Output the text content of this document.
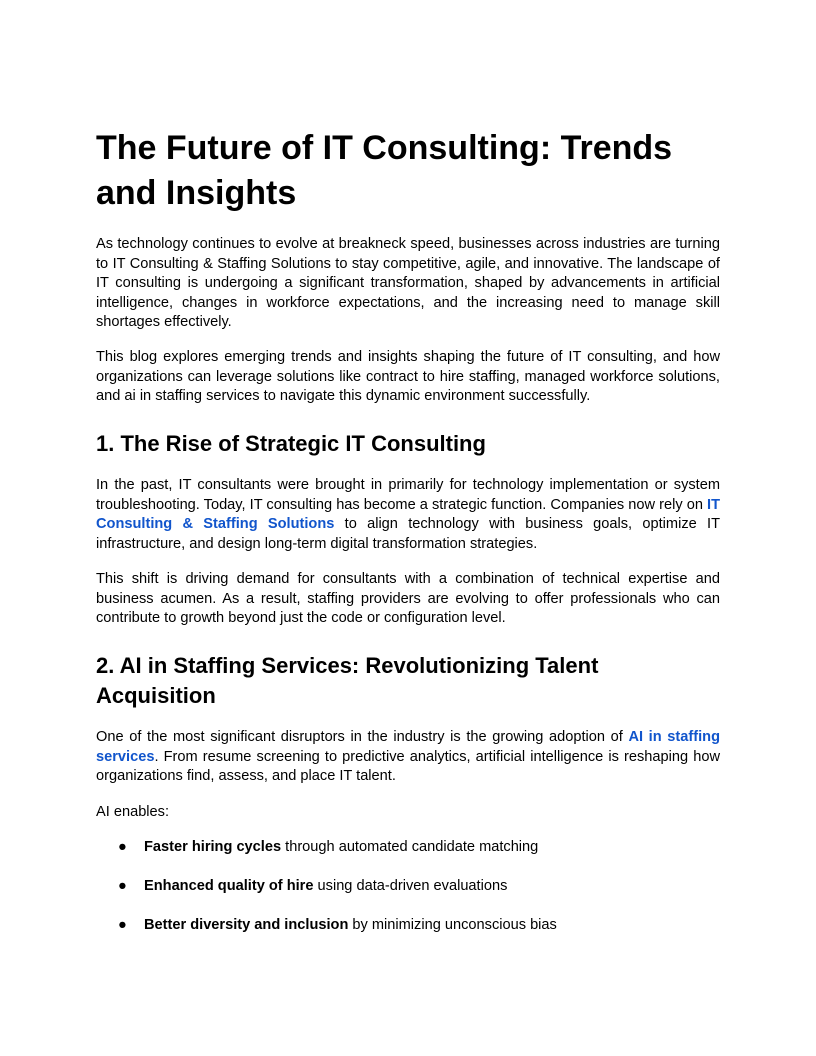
The Future of IT Consulting: Trends and Insights

As technology continues to evolve at breakneck speed, businesses across industries are turning to IT Consulting & Staffing Solutions to stay competitive, agile, and innovative. The landscape of IT consulting is undergoing a significant transformation, shaped by advancements in artificial intelligence, changes in workforce expectations, and the increasing need to manage skill shortages effectively.

This blog explores emerging trends and insights shaping the future of IT consulting, and how organizations can leverage solutions like contract to hire staffing, managed workforce solutions, and ai in staffing services to navigate this dynamic environment successfully.

1. The Rise of Strategic IT Consulting

In the past, IT consultants were brought in primarily for technology implementation or system troubleshooting. Today, IT consulting has become a strategic function. Companies now rely on IT Consulting & Staffing Solutions to align technology with business goals, optimize IT infrastructure, and design long-term digital transformation strategies.

This shift is driving demand for consultants with a combination of technical expertise and business acumen. As a result, staffing providers are evolving to offer professionals who can contribute to growth beyond just the code or configuration level.

2. AI in Staffing Services: Revolutionizing Talent Acquisition

One of the most significant disruptors in the industry is the growing adoption of AI in staffing services. From resume screening to predictive analytics, artificial intelligence is reshaping how organizations find, assess, and place IT talent.

AI enables:

● Faster hiring cycles through automated candidate matching
● Enhanced quality of hire using data-driven evaluations
● Better diversity and inclusion by minimizing unconscious bias
